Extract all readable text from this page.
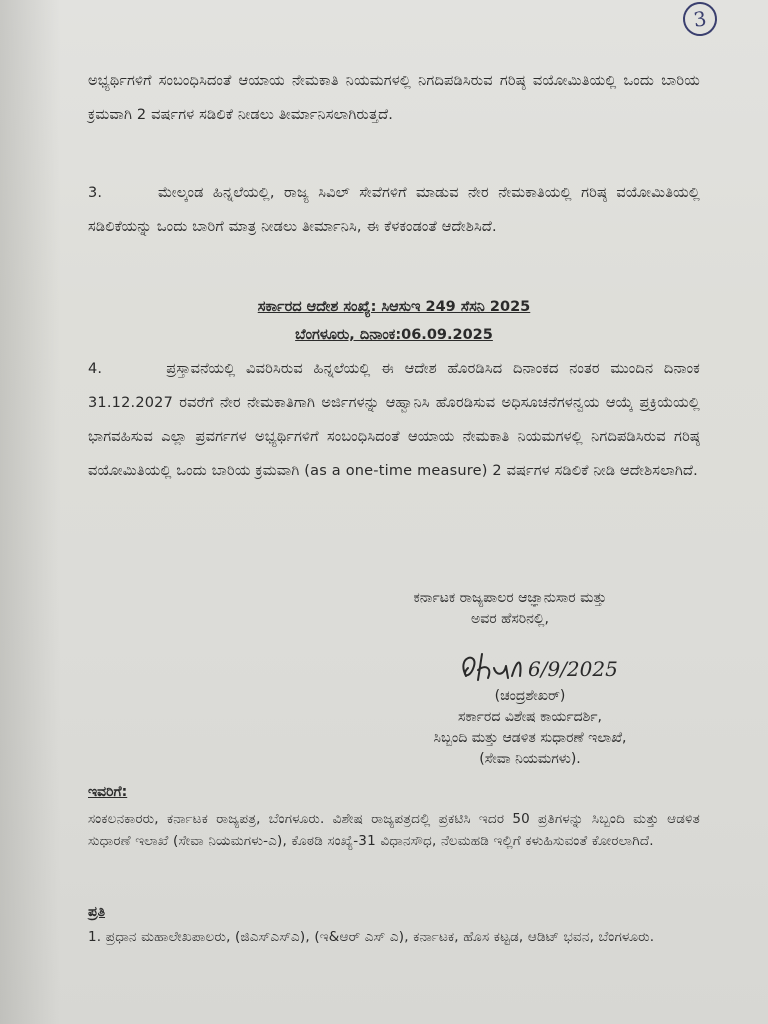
3

ಅಭ್ಯರ್ಥಿಗಳಿಗೆ ಸಂಬಂಧಿಸಿದಂತೆ ಆಯಾಯ ನೇಮಕಾತಿ ನಿಯಮಗಳಲ್ಲಿ ನಿಗದಿಪಡಿಸಿರುವ ಗರಿಷ್ಠ ವಯೋಮಿತಿಯಲ್ಲಿ ಒಂದು ಬಾರಿಯ ಕ್ರಮವಾಗಿ 2 ವರ್ಷಗಳ ಸಡಿಲಿಕೆ ನೀಡಲು ತೀರ್ಮಾನಿಸಲಾಗಿರುತ್ತದೆ.

3.      ಮೇಲ್ಕಂಡ ಹಿನ್ನಲೆಯಲ್ಲಿ, ರಾಜ್ಯ ಸಿವಿಲ್ ಸೇವೆಗಳಿಗೆ ಮಾಡುವ ನೇರ ನೇಮಕಾತಿಯಲ್ಲಿ ಗರಿಷ್ಠ ವಯೋಮಿತಿಯಲ್ಲಿ ಸಡಿಲಿಕೆಯನ್ನು ಒಂದು ಬಾರಿಗೆ ಮಾತ್ರ ನೀಡಲು ತೀರ್ಮಾನಿಸಿ, ಈ ಕೆಳಕಂಡಂತೆ ಆದೇಶಿಸಿದೆ.

ಸರ್ಕಾರದ ಆದೇಶ ಸಂಖ್ಯೆ: ಸಿಆಸುಇ 249 ಸೆಸನಿ 2025
ಬೆಂಗಳೂರು, ದಿನಾಂಕ:06.09.2025

4.      ಪ್ರಸ್ತಾವನೆಯಲ್ಲಿ ವಿವರಿಸಿರುವ ಹಿನ್ನಲೆಯಲ್ಲಿ ಈ ಆದೇಶ ಹೊರಡಿಸಿದ ದಿನಾಂಕದ ನಂತರ ಮುಂದಿನ ದಿನಾಂಕ 31.12.2027 ರವರೆಗೆ ನೇರ ನೇಮಕಾತಿಗಾಗಿ ಅರ್ಜಿಗಳನ್ನು ಆಹ್ವಾನಿಸಿ ಹೊರಡಿಸುವ ಅಧಿಸೂಚನೆಗಳನ್ವಯ ಆಯ್ಕೆ ಪ್ರಕ್ರಿಯೆಯಲ್ಲಿ ಭಾಗವಹಿಸುವ ಎಲ್ಲಾ ಪ್ರವರ್ಗಗಳ ಅಭ್ಯರ್ಥಿಗಳಿಗೆ ಸಂಬಂಧಿಸಿದಂತೆ ಆಯಾಯ ನೇಮಕಾತಿ ನಿಯಮಗಳಲ್ಲಿ ನಿಗದಿಪಡಿಸಿರುವ ಗರಿಷ್ಠ ವಯೋಮಿತಿಯಲ್ಲಿ ಒಂದು ಬಾರಿಯ ಕ್ರಮವಾಗಿ (as a one-time measure) 2 ವರ್ಷಗಳ ಸಡಿಲಿಕೆ ನೀಡಿ ಆದೇಶಿಸಲಾಗಿದೆ.

ಕರ್ನಾಟಕ ರಾಜ್ಯಪಾಲರ ಆಜ್ಞಾನುಸಾರ ಮತ್ತು
ಅವರ ಹೆಸರಿನಲ್ಲಿ,
6/9/2025
(ಚಂದ್ರಶೇಖರ್)
ಸರ್ಕಾರದ ವಿಶೇಷ ಕಾರ್ಯದರ್ಶಿ,
ಸಿಬ್ಬಂದಿ ಮತ್ತು ಆಡಳಿತ ಸುಧಾರಣೆ ಇಲಾಖೆ,
(ಸೇವಾ ನಿಯಮಗಳು).
ಇವರಿಗೆ:

ಸಂಕಲನಕಾರರು, ಕರ್ನಾಟಕ ರಾಜ್ಯಪತ್ರ, ಬೆಂಗಳೂರು. ವಿಶೇಷ ರಾಜ್ಯಪತ್ರದಲ್ಲಿ ಪ್ರಕಟಿಸಿ ಇದರ 50 ಪ್ರತಿಗಳನ್ನು ಸಿಬ್ಬಂದಿ ಮತ್ತು ಆಡಳಿತ ಸುಧಾರಣೆ ಇಲಾಖೆ (ಸೇವಾ ನಿಯಮಗಳು-ಎ), ಕೊಠಡಿ ಸಂಖ್ಯೆ-31 ವಿಧಾನಸೌಧ, ನೆಲಮಹಡಿ ಇಲ್ಲಿಗೆ ಕಳುಹಿಸುವಂತೆ ಕೋರಲಾಗಿದೆ.

ಪ್ರತಿ

1. ಪ್ರಧಾನ ಮಹಾಲೇಖಪಾಲರು, (ಜಿಎಸ್ಎಸ್ಎ), (ಇ&ಆರ್ ಎಸ್ ಎ), ಕರ್ನಾಟಕ, ಹೊಸ ಕಟ್ಟಡ, ಆಡಿಟ್ ಭವನ, ಬೆಂಗಳೂರು.
